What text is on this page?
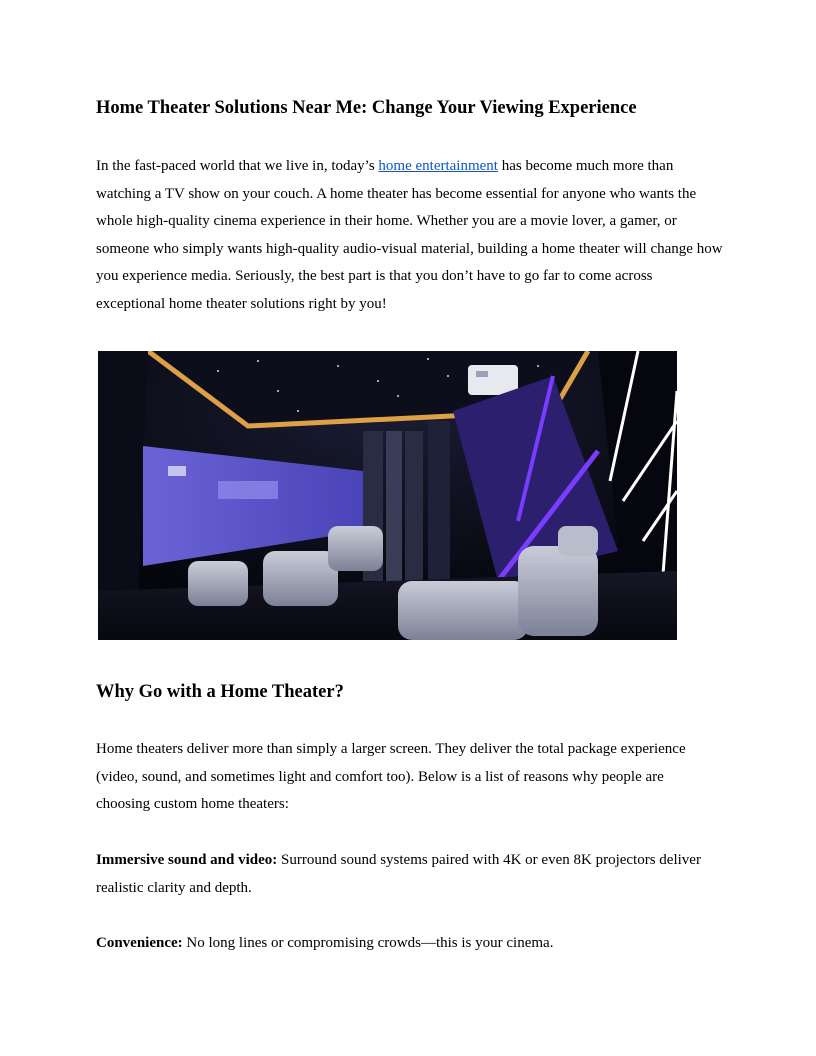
Home Theater Solutions Near Me: Change Your Viewing Experience

In the fast-paced world that we live in, today’s home entertainment has become much more than watching a TV show on your couch. A home theater has become essential for anyone who wants the whole high-quality cinema experience in their home. Whether you are a movie lover, a gamer, or someone who simply wants high-quality audio-visual material, building a home theater will change how you experience media. Seriously, the best part is that you don’t have to go far to come across exceptional home theater solutions right by you!

Why Go with a Home Theater?

Home theaters deliver more than simply a larger screen. They deliver the total package experience (video, sound, and sometimes light and comfort too). Below is a list of reasons why people are choosing custom home theaters:

Immersive sound and video: Surround sound systems paired with 4K or even 8K projectors deliver realistic clarity and depth.

Convenience: No long lines or compromising crowds—this is your cinema.
